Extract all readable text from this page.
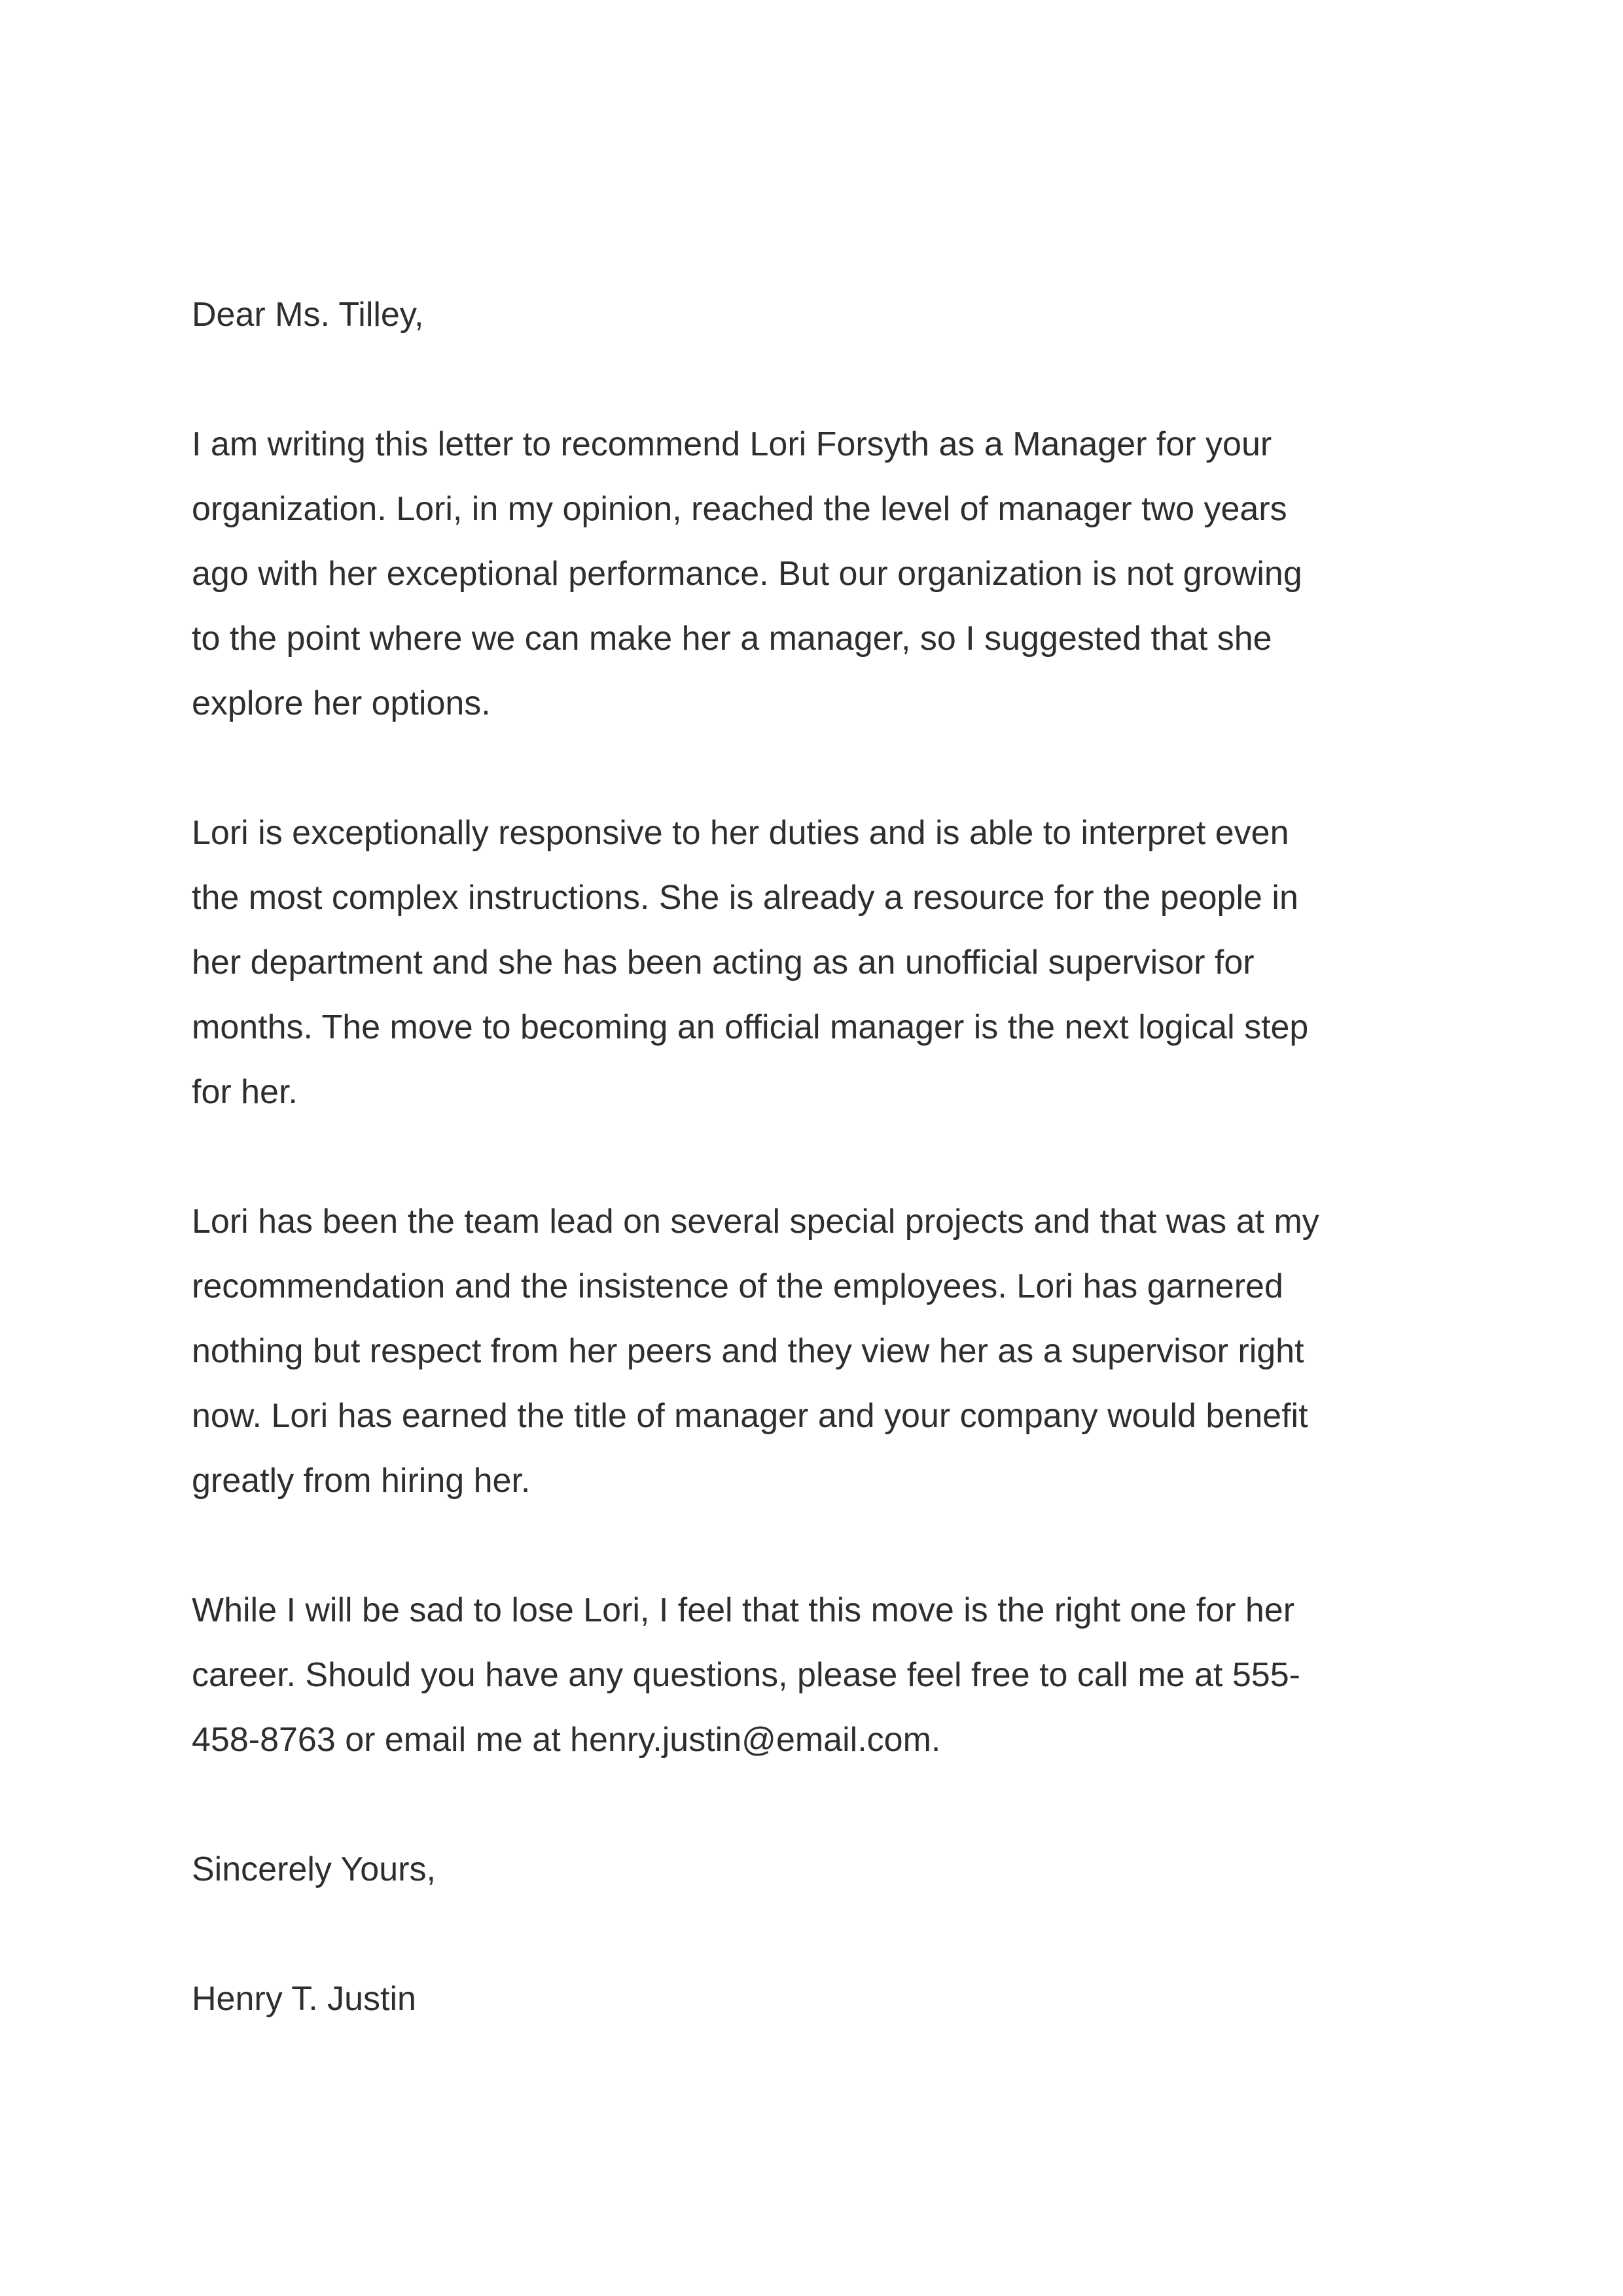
Dear Ms. Tilley,

I am writing this letter to recommend Lori Forsyth as a Manager for your
organization. Lori, in my opinion, reached the level of manager two years
ago with her exceptional performance. But our organization is not growing
to the point where we can make her a manager, so I suggested that she
explore her options.

Lori is exceptionally responsive to her duties and is able to interpret even
the most complex instructions. She is already a resource for the people in
her department and she has been acting as an unofficial supervisor for
months. The move to becoming an official manager is the next logical step
for her.

Lori has been the team lead on several special projects and that was at my
recommendation and the insistence of the employees. Lori has garnered
nothing but respect from her peers and they view her as a supervisor right
now. Lori has earned the title of manager and your company would benefit
greatly from hiring her.

While I will be sad to lose Lori, I feel that this move is the right one for her
career. Should you have any questions, please feel free to call me at 555-
458-8763 or email me at henry.justin@email.com.

Sincerely Yours,

Henry T. Justin
